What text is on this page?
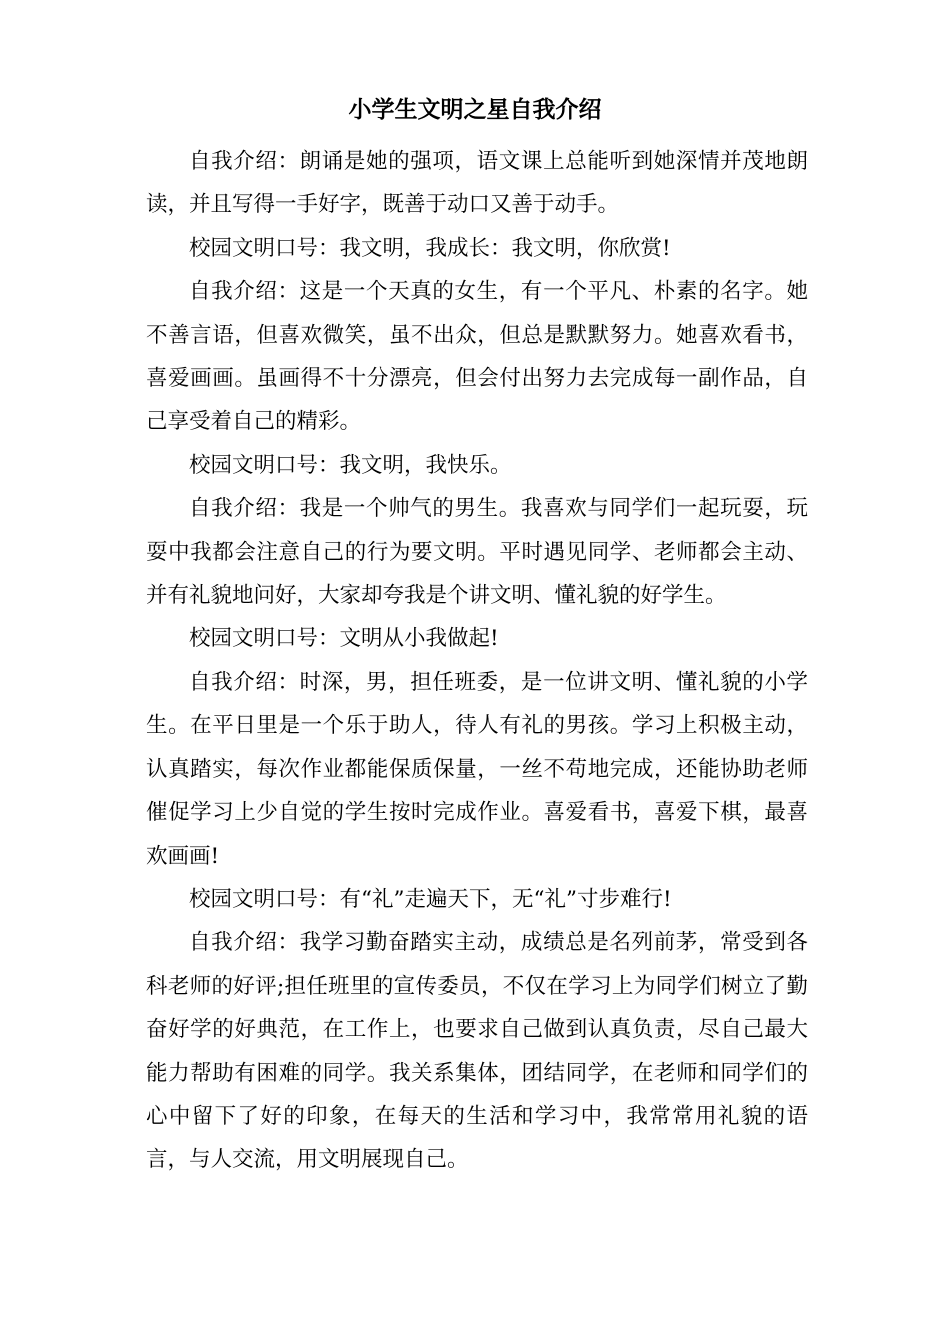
小学生文明之星自我介绍

自我介绍：朗诵是她的强项，语文课上总能听到她深情并茂地朗读，并且写得一手好字，既善于动口又善于动手。

校园文明口号：我文明，我成长：我文明，你欣赏!

自我介绍：这是一个天真的女生，有一个平凡、朴素的名字。她不善言语，但喜欢微笑，虽不出众，但总是默默努力。她喜欢看书，喜爱画画。虽画得不十分漂亮，但会付出努力去完成每一副作品，自己享受着自己的精彩。

校园文明口号：我文明，我快乐。

自我介绍：我是一个帅气的男生。我喜欢与同学们一起玩耍，玩耍中我都会注意自己的行为要文明。平时遇见同学、老师都会主动、并有礼貌地问好，大家却夸我是个讲文明、懂礼貌的好学生。

校园文明口号：文明从小我做起!

自我介绍：时深，男，担任班委，是一位讲文明、懂礼貌的小学生。在平日里是一个乐于助人，待人有礼的男孩。学习上积极主动，认真踏实，每次作业都能保质保量，一丝不苟地完成，还能协助老师催促学习上少自觉的学生按时完成作业。喜爱看书，喜爱下棋，最喜欢画画!

校园文明口号：有“礼”走遍天下，无“礼”寸步难行!

自我介绍：我学习勤奋踏实主动，成绩总是名列前茅，常受到各科老师的好评;担任班里的宣传委员，不仅在学习上为同学们树立了勤奋好学的好典范，在工作上，也要求自己做到认真负责，尽自己最大能力帮助有困难的同学。我关系集体，团结同学，在老师和同学们的心中留下了好的印象，在每天的生活和学习中，我常常用礼貌的语言，与人交流，用文明展现自己。
